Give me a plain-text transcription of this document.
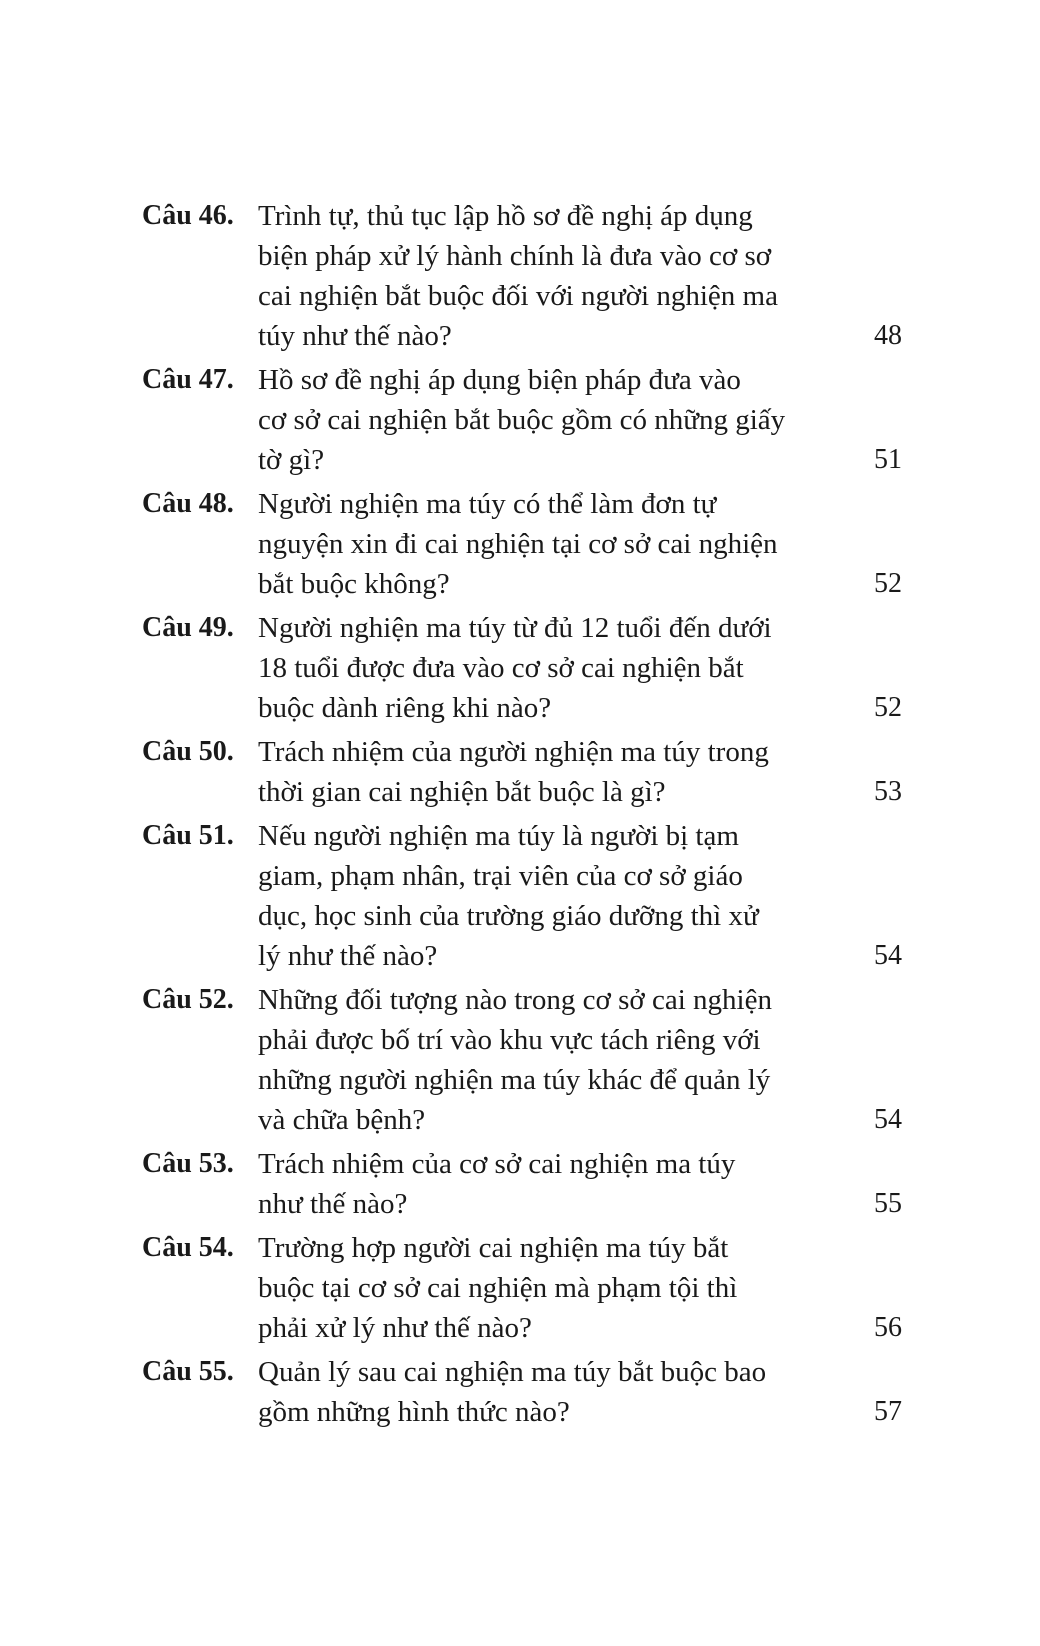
Câu 46. Trình tự, thủ tục lập hồ sơ đề nghị áp dụng
biện pháp xử lý hành chính là đưa vào cơ sơ
cai nghiện bắt buộc đối với người nghiện ma
túy như thế nào?	48
Câu 47. Hồ sơ đề nghị áp dụng biện pháp đưa vào
cơ sở cai nghiện bắt buộc gồm có những giấy
tờ gì?	51
Câu 48. Người nghiện ma túy có thể làm đơn tự
nguyện xin đi cai nghiện tại cơ sở cai nghiện
bắt buộc không?	52
Câu 49. Người nghiện ma túy từ đủ 12 tuổi đến dưới
18 tuổi được đưa vào cơ sở cai nghiện bắt
buộc dành riêng khi nào?	52
Câu 50. Trách nhiệm của người nghiện ma túy trong
thời gian cai nghiện bắt buộc là gì?	53
Câu 51. Nếu người nghiện ma túy là người bị tạm
giam, phạm nhân, trại viên của cơ sở giáo
dục, học sinh của trường giáo dưỡng thì xử
lý như thế nào?	54
Câu 52. Những đối tượng nào trong cơ sở cai nghiện
phải được bố trí vào khu vực tách riêng với
những người nghiện ma túy khác để quản lý
và chữa bệnh?	54
Câu 53. Trách nhiệm của cơ sở cai nghiện ma túy
như thế nào?	55
Câu 54. Trường hợp người cai nghiện ma túy bắt
buộc tại cơ sở cai nghiện mà phạm tội thì
phải xử lý như thế nào?	56
Câu 55. Quản lý sau cai nghiện ma túy bắt buộc bao
gồm những hình thức nào?	57
